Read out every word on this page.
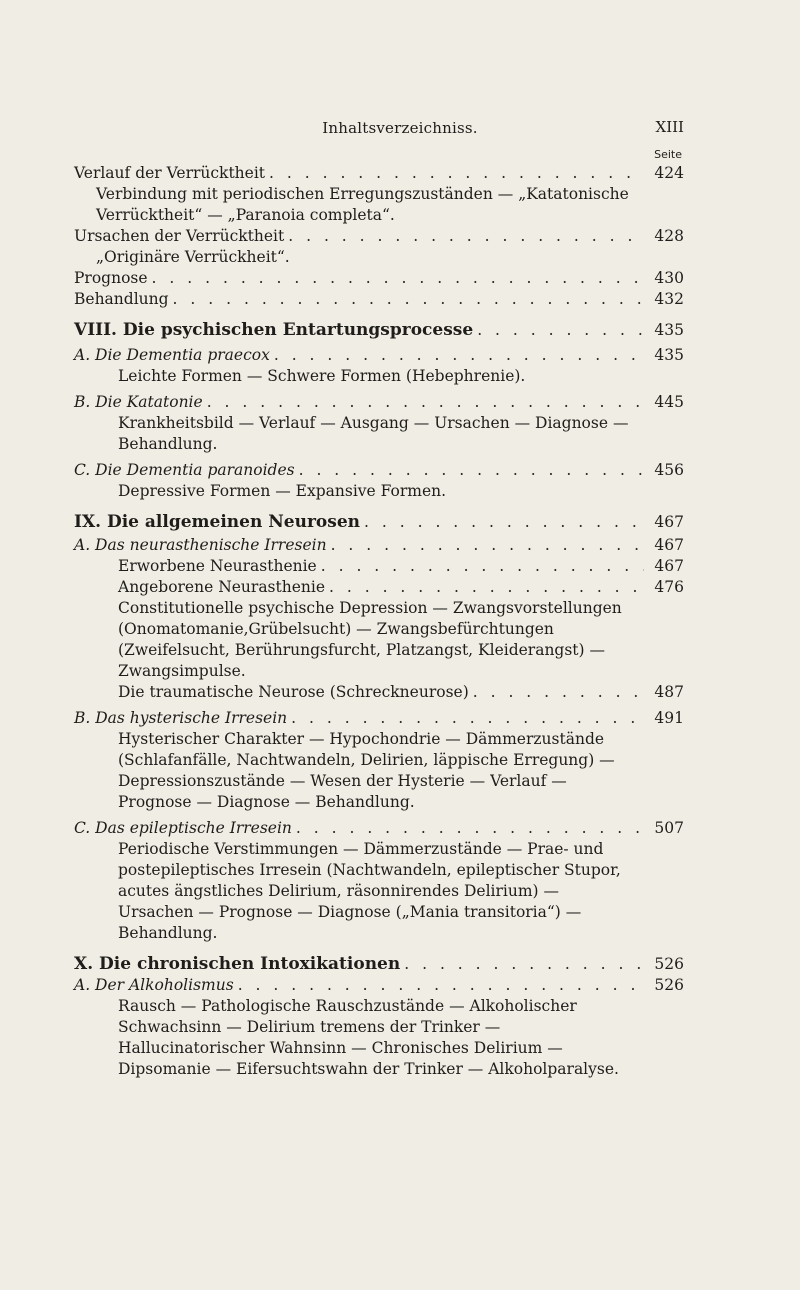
Inhaltsverzeichniss.	XIII
Seite
Verlauf der Verrücktheit . . .	424
Verbindung mit periodischen Erregungszuständen — „Katatonische Verrücktheit“ — „Paranoia completa“.
Ursachen der Verrücktheit . . .	428
„Originäre Verrückheit“.
Prognose . . .	430
Behandlung . . .	432
VIII. Die psychischen Entartungsprocesse . . .	435
A. Die Dementia praecox . . .	435
Leichte Formen — Schwere Formen (Hebephrenie).
B. Die Katatonie . . .	445
Krankheitsbild — Verlauf — Ausgang — Ursachen — Diagnose — Behandlung.
C. Die Dementia paranoides . . .	456
Depressive Formen — Expansive Formen.
IX. Die allgemeinen Neurosen . . .	467
A. Das neurasthenische Irresein . . .	467
Erworbene Neurasthenie . . .	467
Angeborene Neurasthenie . . .	476
Constitutionelle psychische Depression — Zwangsvorstellungen (Onomatomanie,Grübelsucht) — Zwangsbefürchtungen (Zweifelsucht, Berührungsfurcht, Platzangst, Kleiderangst) — Zwangsimpulse.
Die traumatische Neurose (Schreckneurose) . . .	487
B. Das hysterische Irresein . . .	491
Hysterischer Charakter — Hypochondrie — Dämmerzustände (Schlafanfälle, Nachtwandeln, Delirien, läppische Erregung) — Depressionszustände — Wesen der Hysterie — Verlauf — Prognose — Diagnose — Behandlung.
C. Das epileptische Irresein . . .	507
Periodische Verstimmungen — Dämmerzustände — Prae- und postepileptisches Irresein (Nachtwandeln, epileptischer Stupor, acutes ängstliches Delirium, räsonnirendes Delirium) — Ursachen — Prognose — Diagnose („Mania transitoria“) — Behandlung.
X. Die chronischen Intoxikationen . . .	526
A. Der Alkoholismus . . .	526
Rausch — Pathologische Rauschzustände — Alkoholischer Schwachsinn — Delirium tremens der Trinker — Hallucinatorischer Wahnsinn — Chronisches Delirium — Dipsomanie — Eifersuchtswahn der Trinker — Alkoholparalyse.
